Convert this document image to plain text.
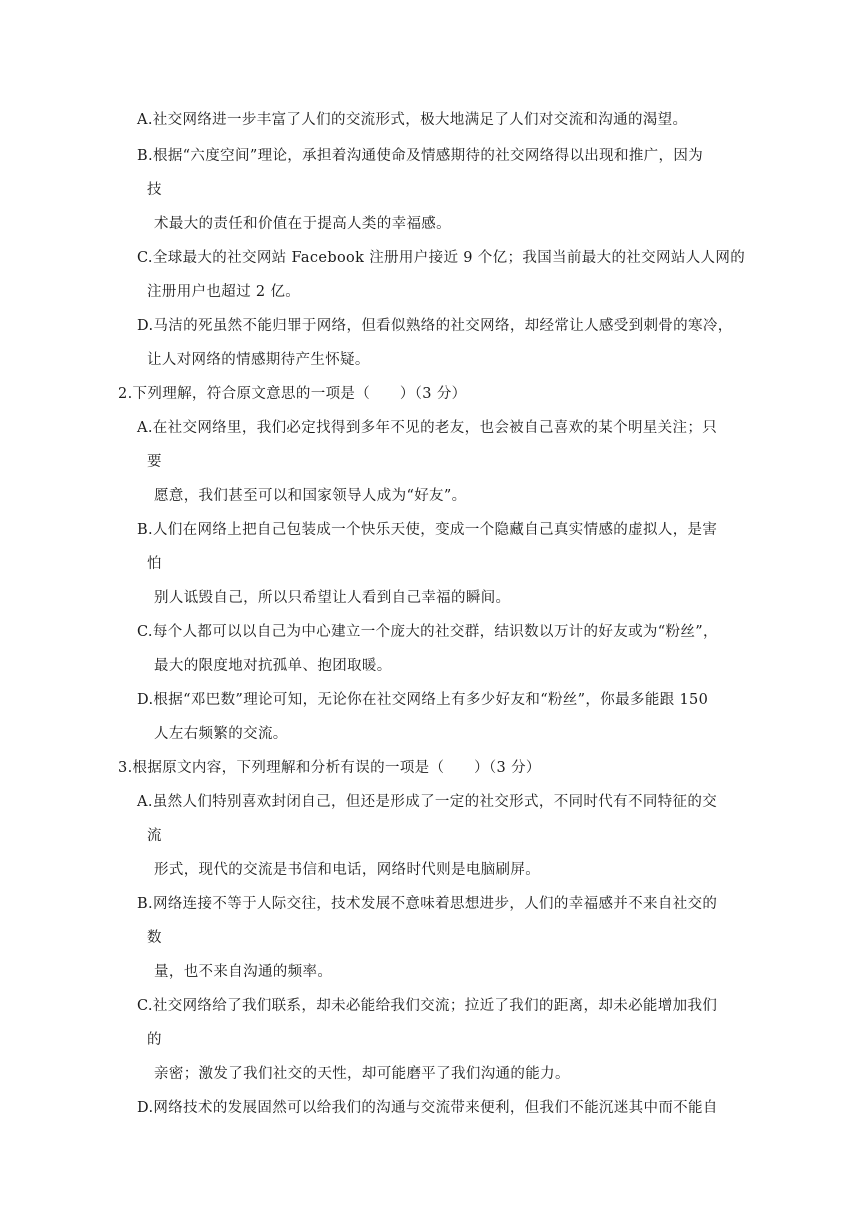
A.社交网络进一步丰富了人们的交流形式，极大地满足了人们对交流和沟通的渴望。
B.根据“六度空间”理论，承担着沟通使命及情感期待的社交网络得以出现和推广，因为
技
术最大的责任和价值在于提高人类的幸福感。
C.全球最大的社交网站 Facebook 注册用户接近 9 个亿；我国当前最大的社交网站人人网的
注册用户也超过 2 亿。
D.马洁的死虽然不能归罪于网络，但看似熟络的社交网络，却经常让人感受到刺骨的寒冷，
让人对网络的情感期待产生怀疑。
2.下列理解，符合原文意思的一项是（　　）（3 分）
A.在社交网络里，我们必定找得到多年不见的老友，也会被自己喜欢的某个明星关注；只
要
愿意，我们甚至可以和国家领导人成为“好友”。
B.人们在网络上把自己包装成一个快乐天使，变成一个隐藏自己真实情感的虚拟人，是害
怕
别人诋毁自己，所以只希望让人看到自己幸福的瞬间。
C.每个人都可以以自己为中心建立一个庞大的社交群，结识数以万计的好友或为“粉丝”，
最大的限度地对抗孤单、抱团取暖。
D.根据“邓巴数”理论可知，无论你在社交网络上有多少好友和“粉丝”，你最多能跟 150
人左右频繁的交流。
3.根据原文内容，下列理解和分析有误的一项是（　　）（3 分）
A.虽然人们特别喜欢封闭自己，但还是形成了一定的社交形式，不同时代有不同特征的交
流
形式，现代的交流是书信和电话，网络时代则是电脑刷屏。
B.网络连接不等于人际交往，技术发展不意味着思想进步，人们的幸福感并不来自社交的
数
量，也不来自沟通的频率。
C.社交网络给了我们联系，却未必能给我们交流；拉近了我们的距离，却未必能增加我们
的
亲密；激发了我们社交的天性，却可能磨平了我们沟通的能力。
D.网络技术的发展固然可以给我们的沟通与交流带来便利，但我们不能沉迷其中而不能自
